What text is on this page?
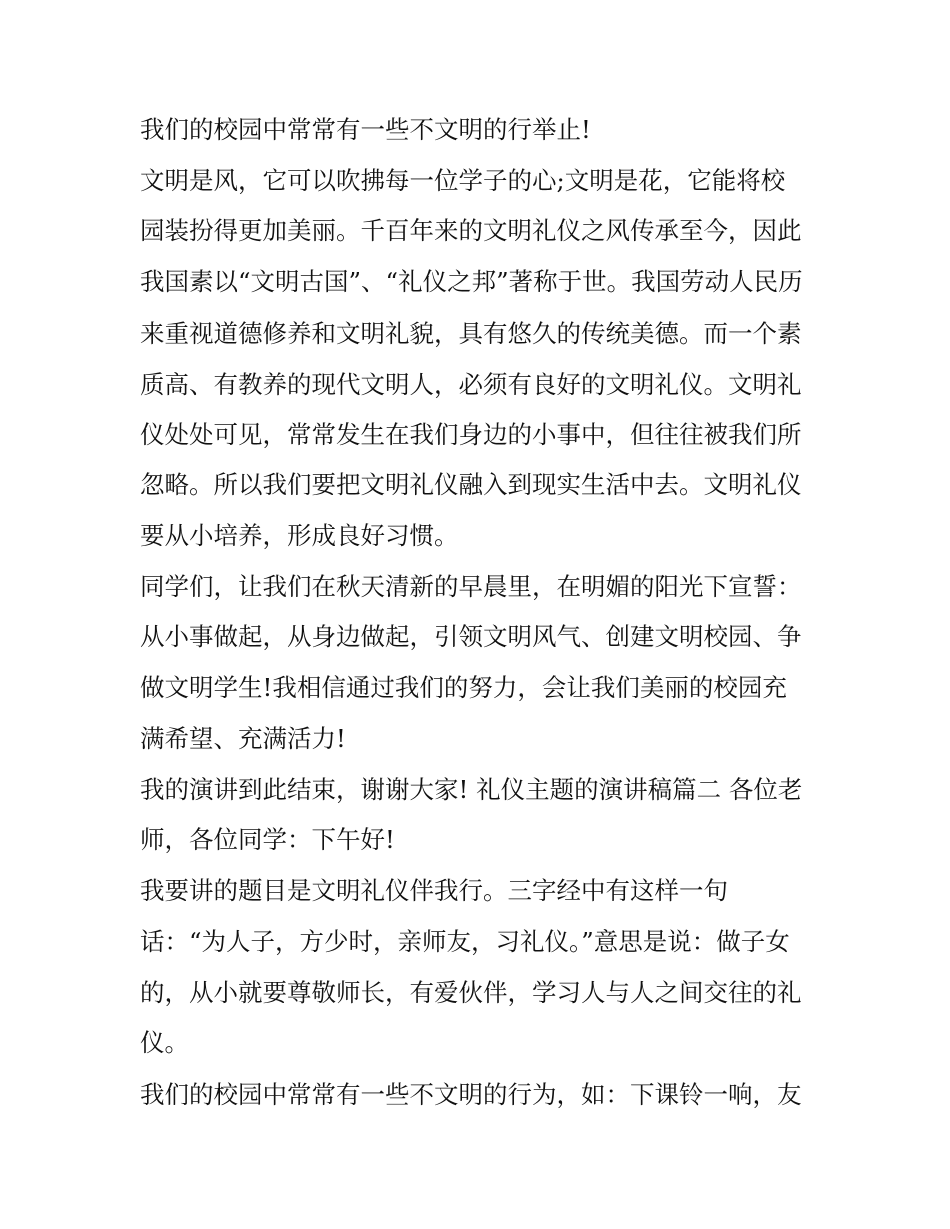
我们的校园中常常有一些不文明的行举止!
文明是风，它可以吹拂每一位学子的心;文明是花，它能将校
园装扮得更加美丽。千百年来的文明礼仪之风传承至今，因此
我国素以“文明古国”、“礼仪之邦”著称于世。我国劳动人民历
来重视道德修养和文明礼貌，具有悠久的传统美德。而一个素
质高、有教养的现代文明人，必须有良好的文明礼仪。文明礼
仪处处可见，常常发生在我们身边的小事中，但往往被我们所
忽略。所以我们要把文明礼仪融入到现实生活中去。文明礼仪
要从小培养，形成良好习惯。
同学们，让我们在秋天清新的早晨里，在明媚的阳光下宣誓：
从小事做起，从身边做起，引领文明风气、创建文明校园、争
做文明学生!我相信通过我们的努力，会让我们美丽的校园充
满希望、充满活力!
我的演讲到此结束，谢谢大家! 礼仪主题的演讲稿篇二 各位老
师，各位同学：下午好!
我要讲的题目是文明礼仪伴我行。三字经中有这样一句
话：“为人子，方少时，亲师友，习礼仪。”意思是说：做子女
的，从小就要尊敬师长，有爱伙伴，学习人与人之间交往的礼
仪。
我们的校园中常常有一些不文明的行为，如：下课铃一响，友
